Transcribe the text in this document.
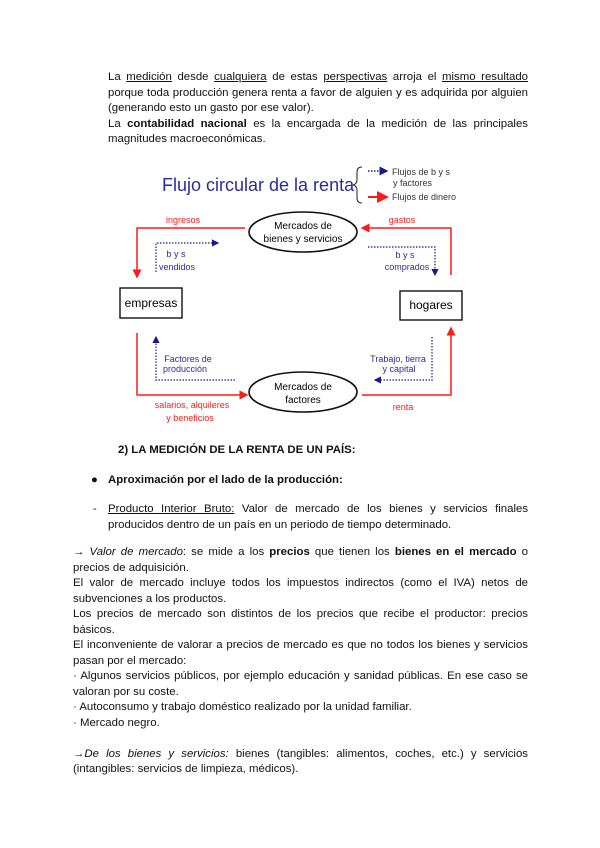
La medición desde cualquiera de estas perspectivas arroja el mismo resultado porque toda producción genera renta a favor de alguien y es adquirida por alguien (generando esto un gasto por ese valor).

La contabilidad nacional es la encargada de la medición de las principales magnitudes macroeconómicas.

Flujo circular de la renta
Flujos de b y s
y factores
Flujos de dinero
Mercados de
bienes y servicios
Mercados de
factores
empresas	hogares
ingresos	gastos
b y s
vendidos
b y s
comprados
Factores de
producción
Trabajo, tierra
y capital
salarios, alquileres
y beneficios
renta
2) LA MEDICIÓN DE LA RENTA DE UN PAÍS:
● Aproximación por el lado de la producción:
- Producto Interior Bruto: Valor de mercado de los bienes y servicios finales producidos dentro de un país en un periodo de tiempo determinado.

→ Valor de mercado: se mide a los precios que tienen los bienes en el mercado o precios de adquisición.

El valor de mercado incluye todos los impuestos indirectos (como el IVA) netos de subvenciones a los productos.

Los precios de mercado son distintos de los precios que recibe el productor: precios básicos.

El inconveniente de valorar a precios de mercado es que no todos los bienes y servicios pasan por el mercado:

· Algunos servicios públicos, por ejemplo educación y sanidad públicas. En ese caso se valoran por su coste.

· Autoconsumo y trabajo doméstico realizado por la unidad familiar.

· Mercado negro.

→De los bienes y servicios: bienes (tangibles: alimentos, coches, etc.) y servicios (intangibles: servicios de limpieza, médicos).
